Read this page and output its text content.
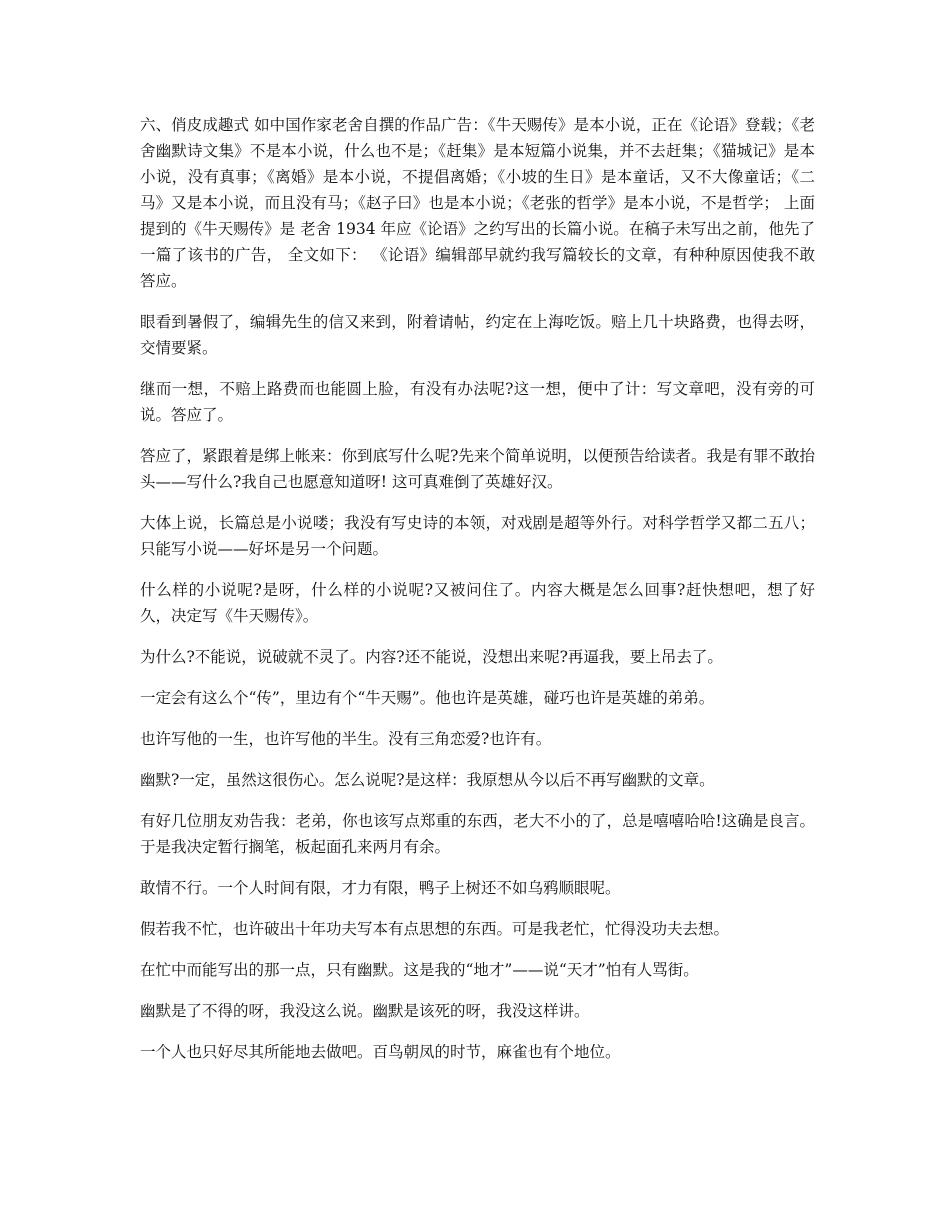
六、俏皮成趣式 如中国作家老舍自撰的作品广告：《牛天赐传》是本小说，正在《论语》登载；《老舍幽默诗文集》不是本小说，什么也不是；《赶集》是本短篇小说集，并不去赶集；《猫城记》是本小说，没有真事；《离婚》是本小说，不提倡离婚；《小坡的生日》是本童话，又不大像童话；《二马》又是本小说，而且没有马；《赵子曰》也是本小说；《老张的哲学》是本小说，不是哲学； 上面提到的《牛天赐传》是 老舍 1934 年应《论语》之约写出的长篇小说。在稿子未写出之前，他先了一篇了该书的广告， 全文如下： 《论语》编辑部早就约我写篇较长的文章，有种种原因使我不敢答应。

眼看到暑假了，编辑先生的信又来到，附着请帖，约定在上海吃饭。赔上几十块路费，也得去呀，交情要紧。

继而一想，不赔上路费而也能圆上脸，有没有办法呢?这一想，便中了计：写文章吧，没有旁的可说。答应了。

答应了，紧跟着是绑上帐来：你到底写什么呢?先来个简单说明，以便预告给读者。我是有罪不敢抬头——写什么?我自己也愿意知道呀! 这可真难倒了英雄好汉。

大体上说，长篇总是小说喽；我没有写史诗的本领，对戏剧是超等外行。对科学哲学又都二五八；只能写小说——好坏是另一个问题。

什么样的小说呢?是呀，什么样的小说呢?又被问住了。内容大概是怎么回事?赶快想吧，想了好久，决定写《牛天赐传》。

为什么?不能说，说破就不灵了。内容?还不能说，没想出来呢?再逼我，要上吊去了。

一定会有这么个“传”，里边有个“牛天赐”。他也许是英雄，碰巧也许是英雄的弟弟。

也许写他的一生，也许写他的半生。没有三角恋爱?也许有。

幽默?一定，虽然这很伤心。怎么说呢?是这样：我原想从今以后不再写幽默的文章。

有好几位朋友劝告我：老弟，你也该写点郑重的东西，老大不小的了，总是嘻嘻哈哈!这确是良言。于是我决定暂行搁笔，板起面孔来两月有余。

敢情不行。一个人时间有限，才力有限，鸭子上树还不如乌鸦顺眼呢。

假若我不忙，也许破出十年功夫写本有点思想的东西。可是我老忙，忙得没功夫去想。

在忙中而能写出的那一点，只有幽默。这是我的“地才”——说“天才”怕有人骂街。

幽默是了不得的呀，我没这么说。幽默是该死的呀，我没这样讲。

一个人也只好尽其所能地去做吧。百鸟朝凤的时节，麻雀也有个地位。
